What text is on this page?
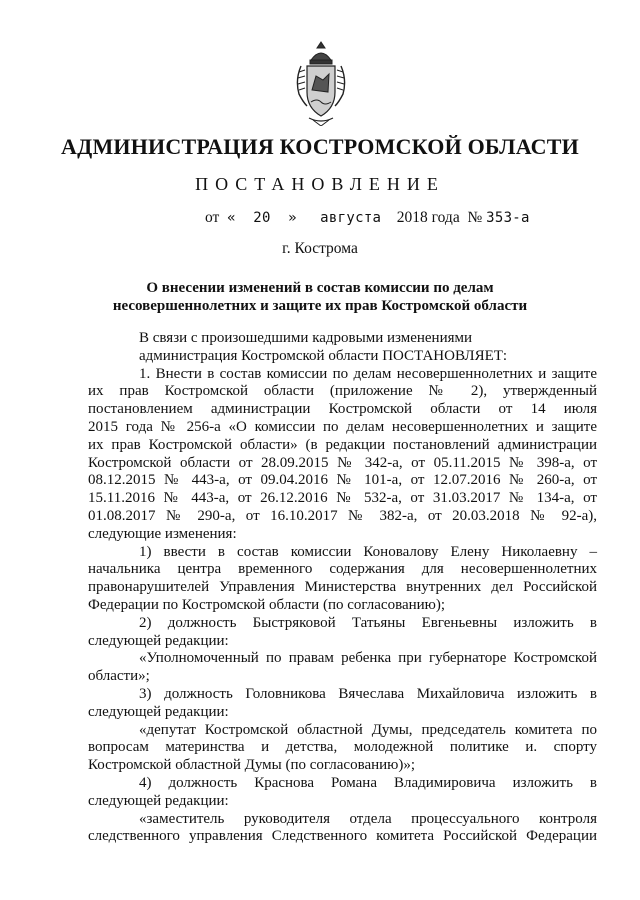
АДМИНИСТРАЦИЯ КОСТРОМСКОЙ ОБЛАСТИ
ПОСТАНОВЛЕНИЕ
от «  20  » августа 2018 года № 353-а
г. Кострома
О внесении изменений в состав комиссии по делам
несовершеннолетних и защите их прав Костромской области

В связи с произошедшими кадровыми изменениями

администрация Костромской области ПОСТАНОВЛЯЕТ:

1. Внести в состав комиссии по делам несовершеннолетних и защите

их прав Костромской области (приложение № 2), утвержденный

постановлением администрации Костромской области от 14 июля

2015 года № 256-а «О комиссии по делам несовершеннолетних и защите

их прав Костромской области» (в редакции постановлений администрации

Костромской области от 28.09.2015 № 342-а, от 05.11.2015 № 398-а, от

08.12.2015 № 443-а, от 09.04.2016 № 101-а, от 12.07.2016 № 260-а, от

15.11.2016 № 443-а, от 26.12.2016 № 532-а, от 31.03.2017 № 134-а, от

01.08.2017 № 290-а, от 16.10.2017 № 382-а, от 20.03.2018 № 92-а),

следующие изменения:

1) ввести в состав комиссии Коновалову Елену Николаевну –

начальника центра временного содержания для несовершеннолетних

правонарушителей Управления Министерства внутренних дел Российской

Федерации по Костромской области (по согласованию);

2) должность Быстряковой Татьяны Евгеньевны изложить в

следующей редакции:

«Уполномоченный по правам ребенка при губернаторе Костромской

области»;

3) должность Головникова Вячеслава Михайловича изложить в

следующей редакции:

«депутат Костромской областной Думы, председатель комитета по

вопросам материнства и детства, молодежной политике и. спорту

Костромской областной Думы (по согласованию)»;

4) должность Краснова Романа Владимировича изложить в

следующей редакции:

«заместитель руководителя отдела процессуального контроля

следственного управления Следственного комитета Российской Федерации
